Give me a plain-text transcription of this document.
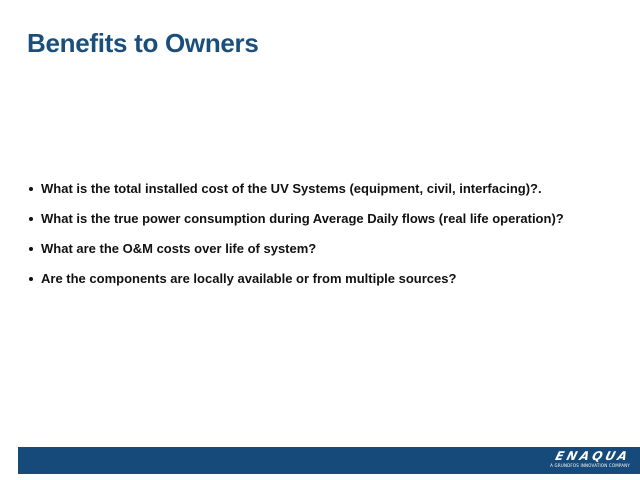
Benefits to Owners
What is the total installed cost of the UV Systems (equipment, civil, interfacing)?.
What is the true power consumption during Average Daily flows (real life operation)?
What are the O&M costs over life of system?
Are the components are locally available or from multiple sources?
ENAQUA
A GRUNDFOS INNOVATION COMPANY
